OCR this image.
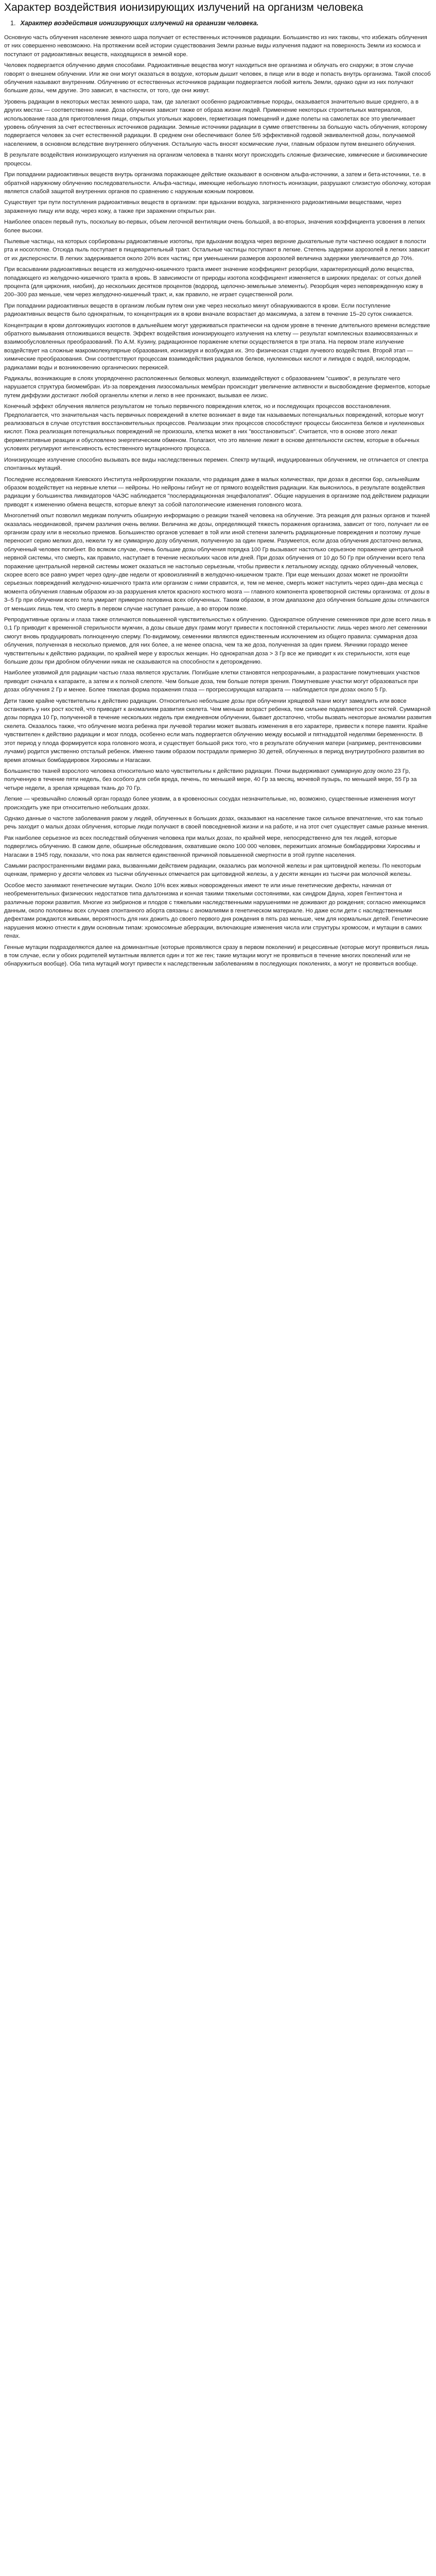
Характер воздействия ионизирующих излучений на организм человека
1. Характер воздействия ионизирующих излучений на организм человека.

Основную часть облучения население земного шара получает от естественных источников радиации. Большинство из них таковы, что избежать облучения от них совершенно невозможно. На протяжении всей истории существования Земли разные виды излучения падают на поверхность Земли из космоса и поступают от радиоактивных веществ, находящихся в земной коре.

Человек подвергается облучению двумя способами. Радиоактивные вещества могут находиться вне организма и облучать его снаружи; в этом случае говорят о внешнем облучении. Или же они могут оказаться в воздухе, которым дышит человек, в пище или в воде и попасть внутрь организма. Такой способ облучения называют внутренним. Облучению от естественных источников радиации подвергается любой житель Земли, однако одни из них получают большие дозы, чем другие. Это зависит, в частности, от того, где они живут.

Уровень радиации в некоторых местах земного шара, там, где залегают особенно радиоактивные породы, оказывается значительно выше среднего, а в других местах — соответственно ниже. Доза облучения зависит также от образа жизни людей. Применение некоторых строительных материалов, использование газа для приготовления пищи, открытых угольных жаровен, герметизация помещений и даже полеты на самолетах все это увеличивает уровень облучения за счет естественных источников радиации. Земные источники радиации в сумме ответственны за большую часть облучения, которому подвергается человек за счет естественной радиации. В среднем они обеспечивают более 5/6 эффективной годовой эквивалентной дозы, получаемой населением, в основном вследствие внутреннего облучения. Остальную часть вносят космические лучи, главным образом путем внешнего облучения.

В результате воздействия ионизирующего излучения на организм человека в тканях могут происходить сложные физические, химические и биохимические процессы.

При попадании радиоактивных веществ внутрь организма поражающее действие оказывают в основном альфа-источники, а затем и бета-источники, т.е. в обратной наружному облучению последовательности. Альфа-частицы, имеющие небольшую плотность ионизации, разрушают слизистую оболочку, которая является слабой защитой внутренних органов по сравнению с наружным кожным покровом.

Существует три пути поступления радиоактивных веществ в организм: при вдыхании воздуха, загрязненного радиоактивными веществами, через зараженную пищу или воду, через кожу, а также при заражении открытых ран.

Наиболее опасен первый путь, поскольку во-первых, объем легочной вентиляции очень большой, а во-вторых, значения коэффициента усвоения в легких более высоки.

Пылевые частицы, на которых сорбированы радиоактивные изотопы, при вдыхании воздуха через верхние дыхательные пути частично оседают в полости рта и носоглотке. Отсюда пыль поступает в пищеварительный тракт. Остальные частицы поступают в легкие. Степень задержки аэрозолей в легких зависит от их дисперсности. В легких задерживается около 20% всех частиц; при уменьшении размеров аэрозолей величина задержки увеличивается до 70%.

При всасывании радиоактивных веществ из желудочно-кишечного тракта имеет значение коэффициент резорбции, характеризующий долю вещества, попадающего из желудочно-кишечного тракта в кровь. В зависимости от природы изотопа коэффициент изменяется в широких пределах: от сотых долей процента (для циркония, ниобия), до нескольких десятков процентов (водород, щелочно-земельные элементы). Резорбция через неповрежденную кожу в 200–300 раз меньше, чем через желудочно-кишечный тракт, и, как правило, не играет существенной роли.

При попадании радиоактивных веществ в организм любым путем они уже через несколько минут обнаруживаются в крови. Если поступление радиоактивных веществ было однократным, то концентрация их в крови вначале возрастает до максимума, а затем в течение 15–20 суток снижается.

Концентрации в крови долгоживущих изотопов в дальнейшем могут удерживаться практически на одном уровне в течение длительного времени вследствие обратного вымывания отложившихся веществ. Эффект воздействия ионизирующего излучения на клетку — результат комплексных взаимосвязанных и взаимообусловленных преобразований. По А.М. Кузину, радиационное поражение клетки осуществляется в три этапа. На первом этапе излучение воздействует на сложные макромолекулярные образования, ионизируя и возбуждая их. Это физическая стадия лучевого воздействия. Второй этап — химические преобразования. Они соответствуют процессам взаимодействия радикалов белков, нуклеиновых кислот и липидов с водой, кислородом, радикалами воды и возникновению органических перекисей.

Радикалы, возникающие в слоях упорядоченно расположенных белковых молекул, взаимодействуют с образованием "сшивок", в результате чего нарушается структура биомембран. Из-за повреждения лизосомальных мембран происходит увеличение активности и высвобождение ферментов, которые путем диффузии достигают любой органеллы клетки и легко в нее проникают, вызывая ее лизис.

Конечный эффект облучения является результатом не только первичного повреждения клеток, но и последующих процессов восстановления. Предполагается, что значительная часть первичных повреждений в клетке возникает в виде так называемых потенциальных повреждений, которые могут реализоваться в случае отсутствия восстановительных процессов. Реализации этих процессов способствуют процессы биосинтеза белков и нуклеиновых кислот. Пока реализация потенциальных повреждений не произошла, клетка может в них "восстановиться". Считается, что в основе этого лежат ферментативные реакции и обусловлено энергетическим обменом. Полагают, что это явление лежит в основе деятельности систем, которые в обычных условиях регулируют интенсивность естественного мутационного процесса.

Ионизирующее излучение способно вызывать все виды наследственных перемен. Спектр мутаций, индуцированных облучением, не отличается от спектра спонтанных мутаций.

Последние исследования Киевского Института нейрохирургии показали, что радиация даже в малых количествах, при дозах в десятки бэр, сильнейшим образом воздействует на нервные клетки — нейроны. Но нейроны гибнут не от прямого воздействия радиации. Как выяснилось, в результате воздействия радиации у большинства ликвидаторов ЧАЭС наблюдается "послерадиационная энцефалопатия". Общие нарушения в организме под действием радиации приводят к изменению обмена веществ, которые влекут за собой патологические изменения головного мозга.

Многолетний опыт позволил медикам получить обширную информацию о реакции тканей человека на облучение. Эта реакция для разных органов и тканей оказалась неодинаковой, причем различия очень велики. Величина же дозы, определяющей тяжесть поражения организма, зависит от того, получает ли ее организм сразу или в несколько приемов. Большинство органов успевает в той или иной степени залечить радиационные повреждения и поэтому лучше переносит серию мелких доз, нежели ту же суммарную дозу облучения, полученную за один прием. Разумеется, если доза облучения достаточно велика, облученный человек погибнет. Во всяком случае, очень большие дозы облучения порядка 100 Гр вызывают настолько серьезное поражение центральной нервной системы, что смерть, как правило, наступает в течение нескольких часов или дней. При дозах облучения от 10 до 50 Гр при облучении всего тела поражение центральной нервной системы может оказаться не настолько серьезным, чтобы привести к летальному исходу, однако облученный человек, скорее всего все равно умрет через одну–две недели от кровоизлияний в желудочно-кишечном тракте. При еще меньших дозах может не произойти серьезных повреждений желудочно-кишечного тракта или организм с ними справится, и, тем не менее, смерть может наступить через один–два месяца с момента облучения главным образом из-за разрушения клеток красного костного мозга — главного компонента кроветворной системы организма: от дозы в 3–5 Гр при облучении всего тела умирает примерно половина всех облученных. Таким образом, в этом диапазоне доз облучения большие дозы отличаются от меньших лишь тем, что смерть в первом случае наступает раньше, а во втором позже.

Репродуктивные органы и глаза также отличаются повышенной чувствительностью к облучению. Однократное облучение семенников при дозе всего лишь в 0,1 Гр приводит к временной стерильности мужчин, а дозы свыше двух грамм могут привести к постоянной стерильности: лишь через много лет семенники смогут вновь продуцировать полноценную сперму. По-видимому, семенники являются единственным исключением из общего правила: суммарная доза облучения, полученная в несколько приемов, для них более, а не менее опасна, чем та же доза, полученная за один прием. Яичники гораздо менее чувствительны к действию радиации, по крайней мере у взрослых женщин. Но однократная доза > 3 Гр все же приводит к их стерильности, хотя еще большие дозы при дробном облучении никак не сказываются на способности к деторождению.

Наиболее уязвимой для радиации частью глаза является хрусталик. Погибшие клетки становятся непрозрачными, а разрастание помутневших участков приводит сначала к катаракте, а затем и к полной слепоте. Чем больше доза, тем больше потеря зрения. Помутневшие участки могут образоваться при дозах облучения 2 Гр и менее. Более тяжелая форма поражения глаза — прогрессирующая катаракта — наблюдается при дозах около 5 Гр.

Дети также крайне чувствительны к действию радиации. Относительно небольшие дозы при облучении хрящевой ткани могут замедлить или вовсе остановить у них рост костей, что приводит к аномалиям развития скелета. Чем меньше возраст ребенка, тем сильнее подавляется рост костей. Суммарной дозы порядка 10 Гр, полученной в течение нескольких недель при ежедневном облучении, бывает достаточно, чтобы вызвать некоторые аномалии развития скелета. Оказалось также, что облучение мозга ребенка при лучевой терапии может вызвать изменения в его характере, привести к потере памяти. Крайне чувствителен к действию радиации и мозг плода, особенно если мать подвергается облучению между восьмой и пятнадцатой неделями беременности. В этот период у плода формируется кора головного мозга, и существует большой риск того, что в результате облучения матери (например, рентгеновскими лучами) родится умственно отсталый ребенок. Именно таким образом пострадали примерно 30 детей, облученных в период внутриутробного развития во время атомных бомбардировок Хиросимы и Нагасаки.

Большинство тканей взрослого человека относительно мало чувствительны к действию радиации. Почки выдерживают суммарную дозу около 23 Гр, полученную в течение пяти недель, без особого для себя вреда, печень, по меньшей мере, 40 Гр за месяц, мочевой пузырь, по меньшей мере, 55 Гр за четыре недели, а зрелая хрящевая ткань до 70 Гр.

Легкие — чрезвычайно сложный орган гораздо более уязвим, а в кровеносных сосудах незначительные, но, возможно, существенные изменения могут происходить уже при относительно небольших дозах.

Однако данные о частоте заболевания раком у людей, облученных в больших дозах, оказывают на население такое сильное впечатление, что как только речь заходит о малых дозах облучения, которые люди получают в своей повседневной жизни и на работе, и на этот счет существует самые разные мнения.

Рак наиболее серьезное из всех последствий облучения человека при малых дозах, по крайней мере, непосредственно для тех людей, которые подверглись облучению. В самом деле, обширные обследования, охватившие около 100 000 человек, пережитших атомные бомбардировки Хиросимы и Нагасаки в 1945 году, показали, что пока рак является единственной причиной повышенной смертности в этой группе населения.

Самыми распространенными видами рака, вызванными действием радиации, оказались рак молочной железы и рак щитовидной железы. По некоторым оценкам, примерно у десяти человек из тысячи облученных отмечается рак щитовидной железы, а у десяти женщин из тысячи рак молочной железы.

Особое место занимают генетические мутации. Около 10% всех живых новорожденных имеют те или иные генетические дефекты, начиная от необременительных физических недостатков типа дальтонизма и кончая такими тяжелыми состояниями, как синдром Дауна, хорея Гентингтона и различные пороки развития. Многие из эмбрионов и плодов с тяжелыми наследственными нарушениями не доживают до рождения; согласно имеющимся данным, около половины всех случаев спонтанного аборта связаны с аномалиями в генетическом материале. Но даже если дети с наследственными дефектами рождаются живыми, вероятность для них дожить до своего первого дня рождения в пять раз меньше, чем для нормальных детей. Генетические нарушения можно отнести к двум основным типам: хромосомные аберрации, включающие изменения числа или структуры хромосом, и мутации в самих генах.

Генные мутации подразделяются далее на доминантные (которые проявляются сразу в первом поколении) и рецессивные (которые могут проявиться лишь в том случае, если у обоих родителей мутантным является один и тот же ген; такие мутации могут не проявиться в течение многих поколений или не обнаружиться вообще). Оба типа мутаций могут привести к наследственным заболеваниям в последующих поколениях, а могут не проявиться вообще.
